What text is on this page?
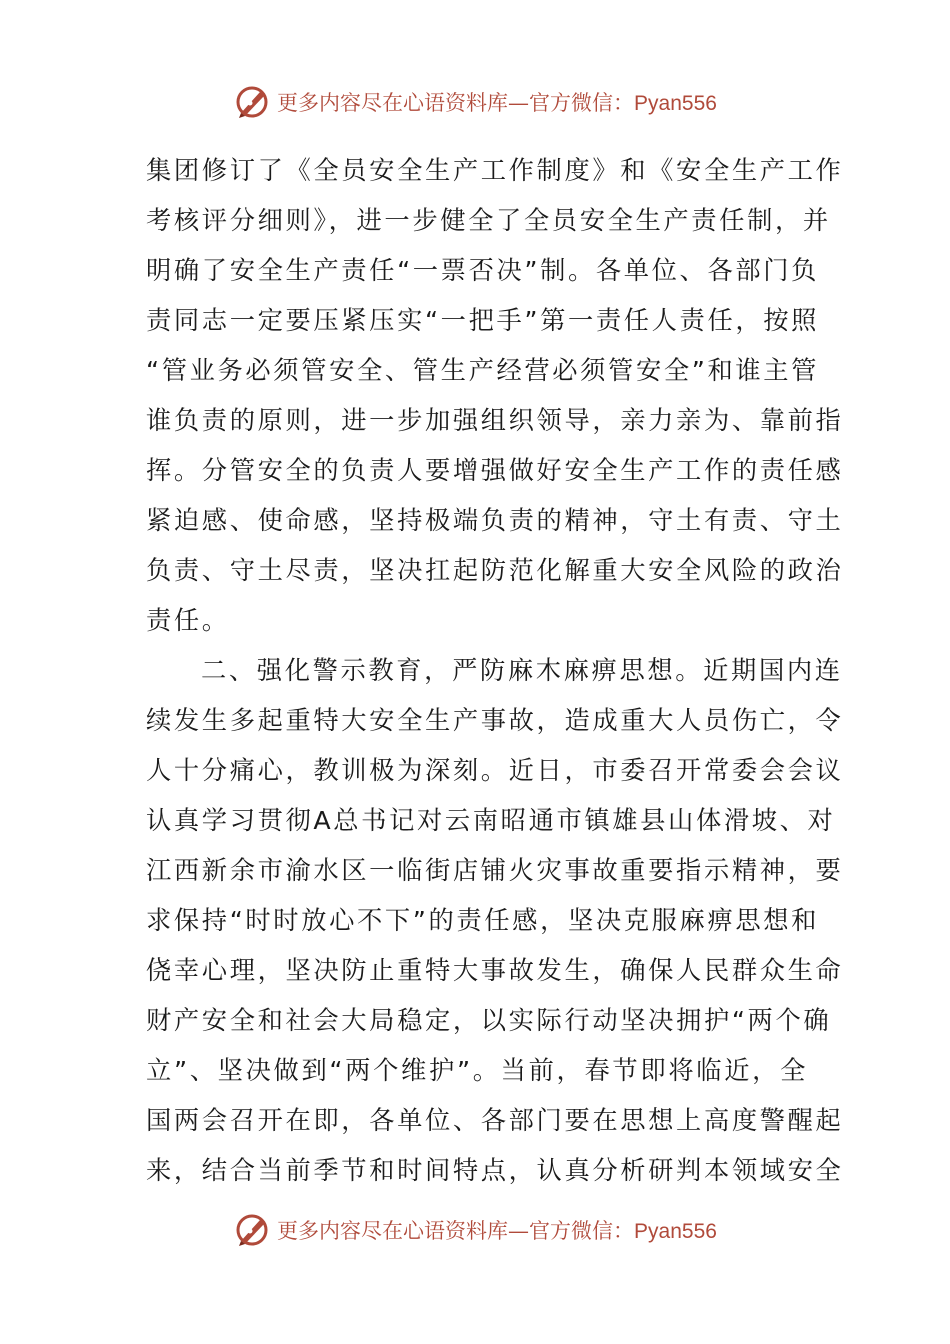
更多内容尽在心语资料库—官方微信：Pyan556

集团修订了《全员安全生产工作制度》和《安全生产工作
考核评分细则》，进一步健全了全员安全生产责任制，并
明确了安全生产责任“一票否决”制。各单位、各部门负
责同志一定要压紧压实“一把手”第一责任人责任，按照
“管业务必须管安全、管生产经营必须管安全”和谁主管
谁负责的原则，进一步加强组织领导，亲力亲为、靠前指
挥。分管安全的负责人要增强做好安全生产工作的责任感
紧迫感、使命感，坚持极端负责的精神，守土有责、守土
负责、守土尽责，坚决扛起防范化解重大安全风险的政治
责任。

二、强化警示教育，严防麻木麻痹思想。近期国内连
续发生多起重特大安全生产事故，造成重大人员伤亡，令
人十分痛心，教训极为深刻。近日，市委召开常委会会议
认真学习贯彻A总书记对云南昭通市镇雄县山体滑坡、对
江西新余市渝水区一临街店铺火灾事故重要指示精神，要
求保持“时时放心不下”的责任感，坚决克服麻痹思想和
侥幸心理，坚决防止重特大事故发生，确保人民群众生命
财产安全和社会大局稳定，以实际行动坚决拥护“两个确
立”、坚决做到“两个维护”。当前，春节即将临近，全
国两会召开在即，各单位、各部门要在思想上高度警醒起
来，结合当前季节和时间特点，认真分析研判本领域安全

更多内容尽在心语资料库—官方微信：Pyan556
